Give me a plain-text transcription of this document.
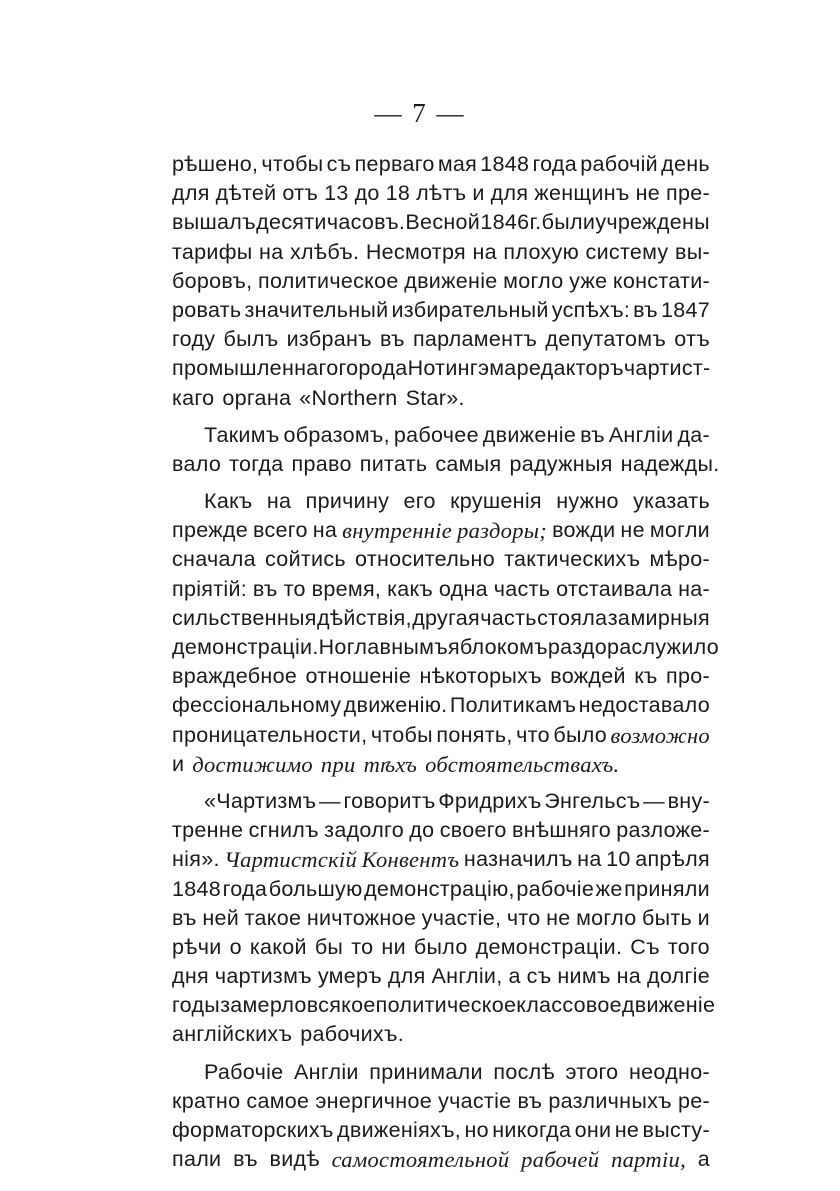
— 7 —
рѣшено, чтобы съ перваго мая 1848 года рабочій день
для дѣтей отъ 13 до 18 лѣтъ и для женщинъ не пре-
вышалъ десяти часовъ. Весной 1846 г. были учреждены
тарифы на хлѣбъ. Несмотря на плохую систему вы-
боровъ, политическое движеніе могло уже констати-
ровать значительный избирательный успѣхъ: въ 1847
году былъ избранъ въ парламентъ депутатомъ отъ
промышленнаго города Нотингэма редакторъ чартист-
каго органа «Northern Star».
Такимъ образомъ, рабочее движеніе въ Англіи да-
вало тогда право питать самыя радужныя надежды.
Какъ на причину его крушенія нужно указать
прежде всего на внутренніе раздоры; вожди не могли
сначала сойтись относительно тактическихъ мѣро-
пріятій: въ то время, какъ одна часть отстаивала на-
сильственныя дѣйствія, другая часть стояла за мирныя
демонстраціи. Но главнымъ яблокомъ раздора служило
враждебное отношеніе нѣкоторыхъ вождей къ про-
фессіональному движенію. Политикамъ недоставало
проницательности, чтобы понять, что было возможно
и достижимо при тѣхъ обстоятельствахъ.
«Чартизмъ — говоритъ Фридрихъ Энгельсъ — вну-
тренне сгнилъ задолго до своего внѣшняго разложе-
нія». Чартистскій Конвентъ назначилъ на 10 апрѣля
1848 года большую демонстрацію, рабочіе же приняли
въ ней такое ничтожное участіе, что не могло быть и
рѣчи о какой бы то ни было демонстраціи. Съ того
дня чартизмъ умеръ для Англіи, а съ нимъ на долгіе
годы замерло всякое политическое классовое движеніе
англійскихъ рабочихъ.
Рабочіе Англіи принимали послѣ этого неодно-
кратно самое энергичное участіе въ различныхъ ре-
форматорскихъ движеніяхъ, но никогда они не высту-
пали въ видѣ самостоятельной рабочей партіи, а
